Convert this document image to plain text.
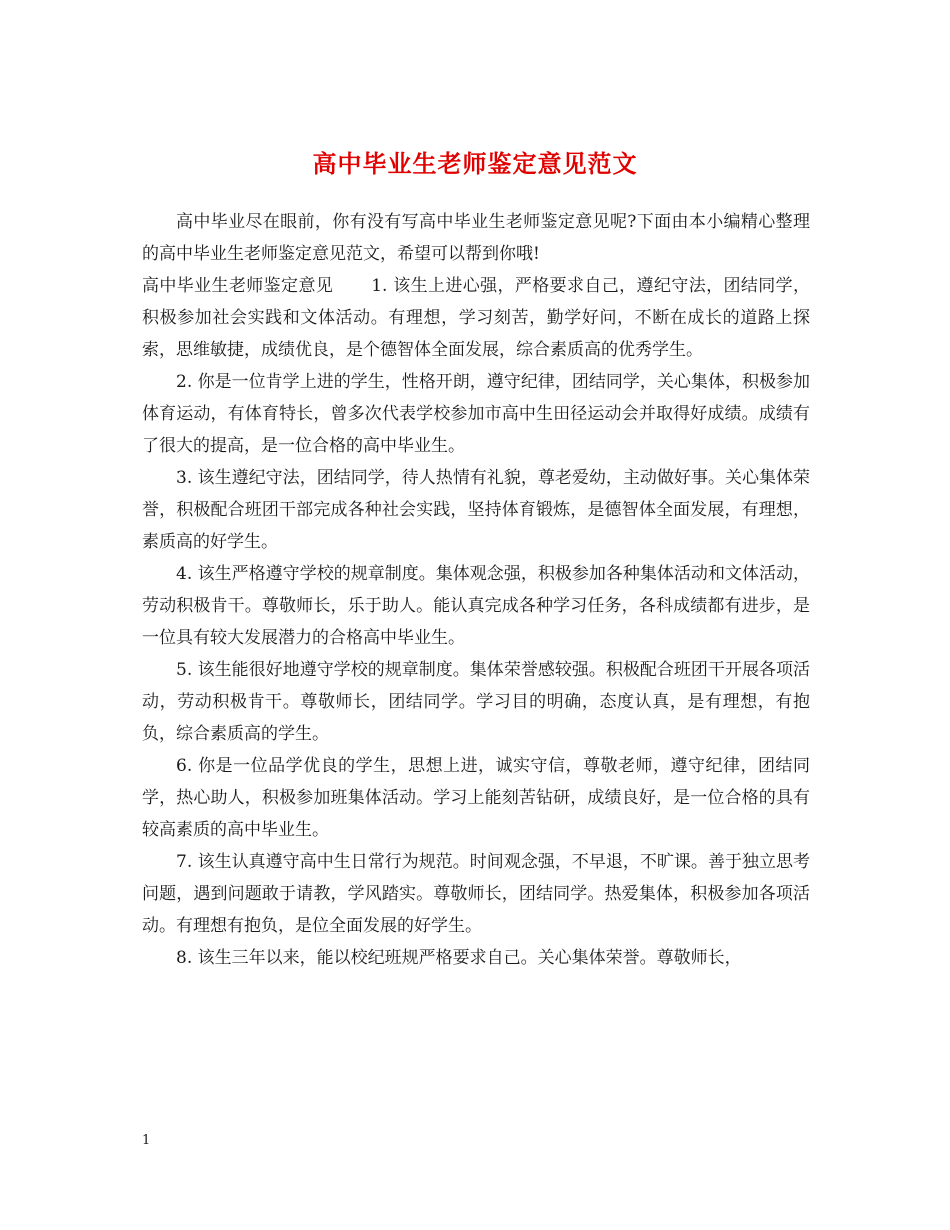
高中毕业生老师鉴定意见范文

高中毕业尽在眼前，你有没有写高中毕业生老师鉴定意见呢?下面由本小编精心整理的高中毕业生老师鉴定意见范文，希望可以帮到你哦!

高中毕业生老师鉴定意见 1. 该生上进心强，严格要求自己，遵纪守法，团结同学，积极参加社会实践和文体活动。有理想，学习刻苦，勤学好问，不断在成长的道路上探索，思维敏捷，成绩优良，是个德智体全面发展，综合素质高的优秀学生。

2. 你是一位肯学上进的学生，性格开朗，遵守纪律，团结同学，关心集体，积极参加体育运动，有体育特长，曾多次代表学校参加市高中生田径运动会并取得好成绩。成绩有了很大的提高，是一位合格的高中毕业生。

3. 该生遵纪守法，团结同学，待人热情有礼貌，尊老爱幼，主动做好事。关心集体荣誉，积极配合班团干部完成各种社会实践，坚持体育锻炼，是德智体全面发展，有理想，素质高的好学生。

4. 该生严格遵守学校的规章制度。集体观念强，积极参加各种集体活动和文体活动，劳动积极肯干。尊敬师长，乐于助人。能认真完成各种学习任务，各科成绩都有进步，是一位具有较大发展潜力的合格高中毕业生。

5. 该生能很好地遵守学校的规章制度。集体荣誉感较强。积极配合班团干开展各项活动，劳动积极肯干。尊敬师长，团结同学。学习目的明确，态度认真，是有理想，有抱负，综合素质高的学生。

6. 你是一位品学优良的学生，思想上进，诚实守信，尊敬老师，遵守纪律，团结同学，热心助人，积极参加班集体活动。学习上能刻苦钻研，成绩良好，是一位合格的具有较高素质的高中毕业生。

7. 该生认真遵守高中生日常行为规范。时间观念强，不早退，不旷课。善于独立思考问题，遇到问题敢于请教，学风踏实。尊敬师长，团结同学。热爱集体，积极参加各项活动。有理想有抱负，是位全面发展的好学生。

8. 该生三年以来，能以校纪班规严格要求自己。关心集体荣誉。尊敬师长，

1
